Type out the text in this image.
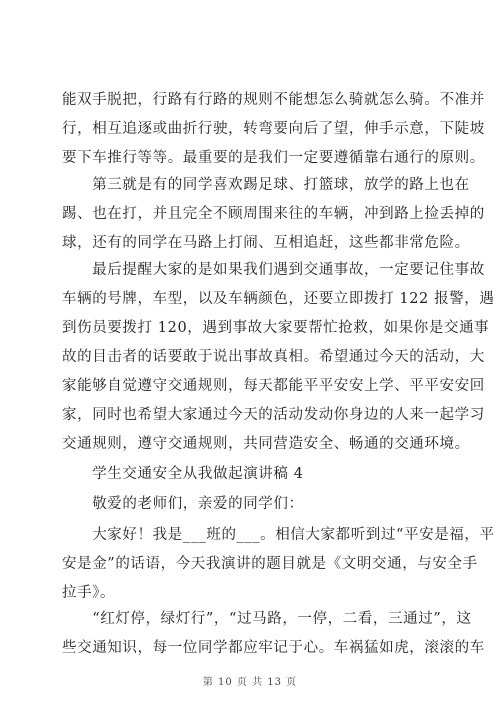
能双手脱把，行路有行路的规则不能想怎么骑就怎么骑。不准并
行，相互追逐或曲折行驶，转弯要向后了望，伸手示意，下陡坡
要下车推行等等。最重要的是我们一定要遵循靠右通行的原则。
　　第三就是有的同学喜欢踢足球、打篮球，放学的路上也在
踢、也在打，并且完全不顾周围来往的车辆，冲到路上捡丢掉的
球，还有的同学在马路上打闹、互相追赶，这些都非常危险。
　　最后提醒大家的是如果我们遇到交通事故，一定要记住事故
车辆的号牌，车型，以及车辆颜色，还要立即拨打 122 报警，遇
到伤员要拨打 120，遇到事故大家要帮忙抢救，如果你是交通事
故的目击者的话要敢于说出事故真相。希望通过今天的活动，大
家能够自觉遵守交通规则，每天都能平平安安上学、平平安安回
家，同时也希望大家通过今天的活动发动你身边的人来一起学习
交通规则，遵守交通规则，共同营造安全、畅通的交通环境。
　　学生交通安全从我做起演讲稿 4
　　敬爱的老师们，亲爱的同学们：
　　大家好！我是___班的___。相信大家都听到过“平安是福，平
安是金”的话语，今天我演讲的题目就是《文明交通，与安全手
拉手》。
　　“红灯停，绿灯行”，“过马路，一停，二看，三通过”，这
些交通知识，每一位同学都应牢记于心。车祸猛如虎，滚滚的车
第 10 页 共 13 页
